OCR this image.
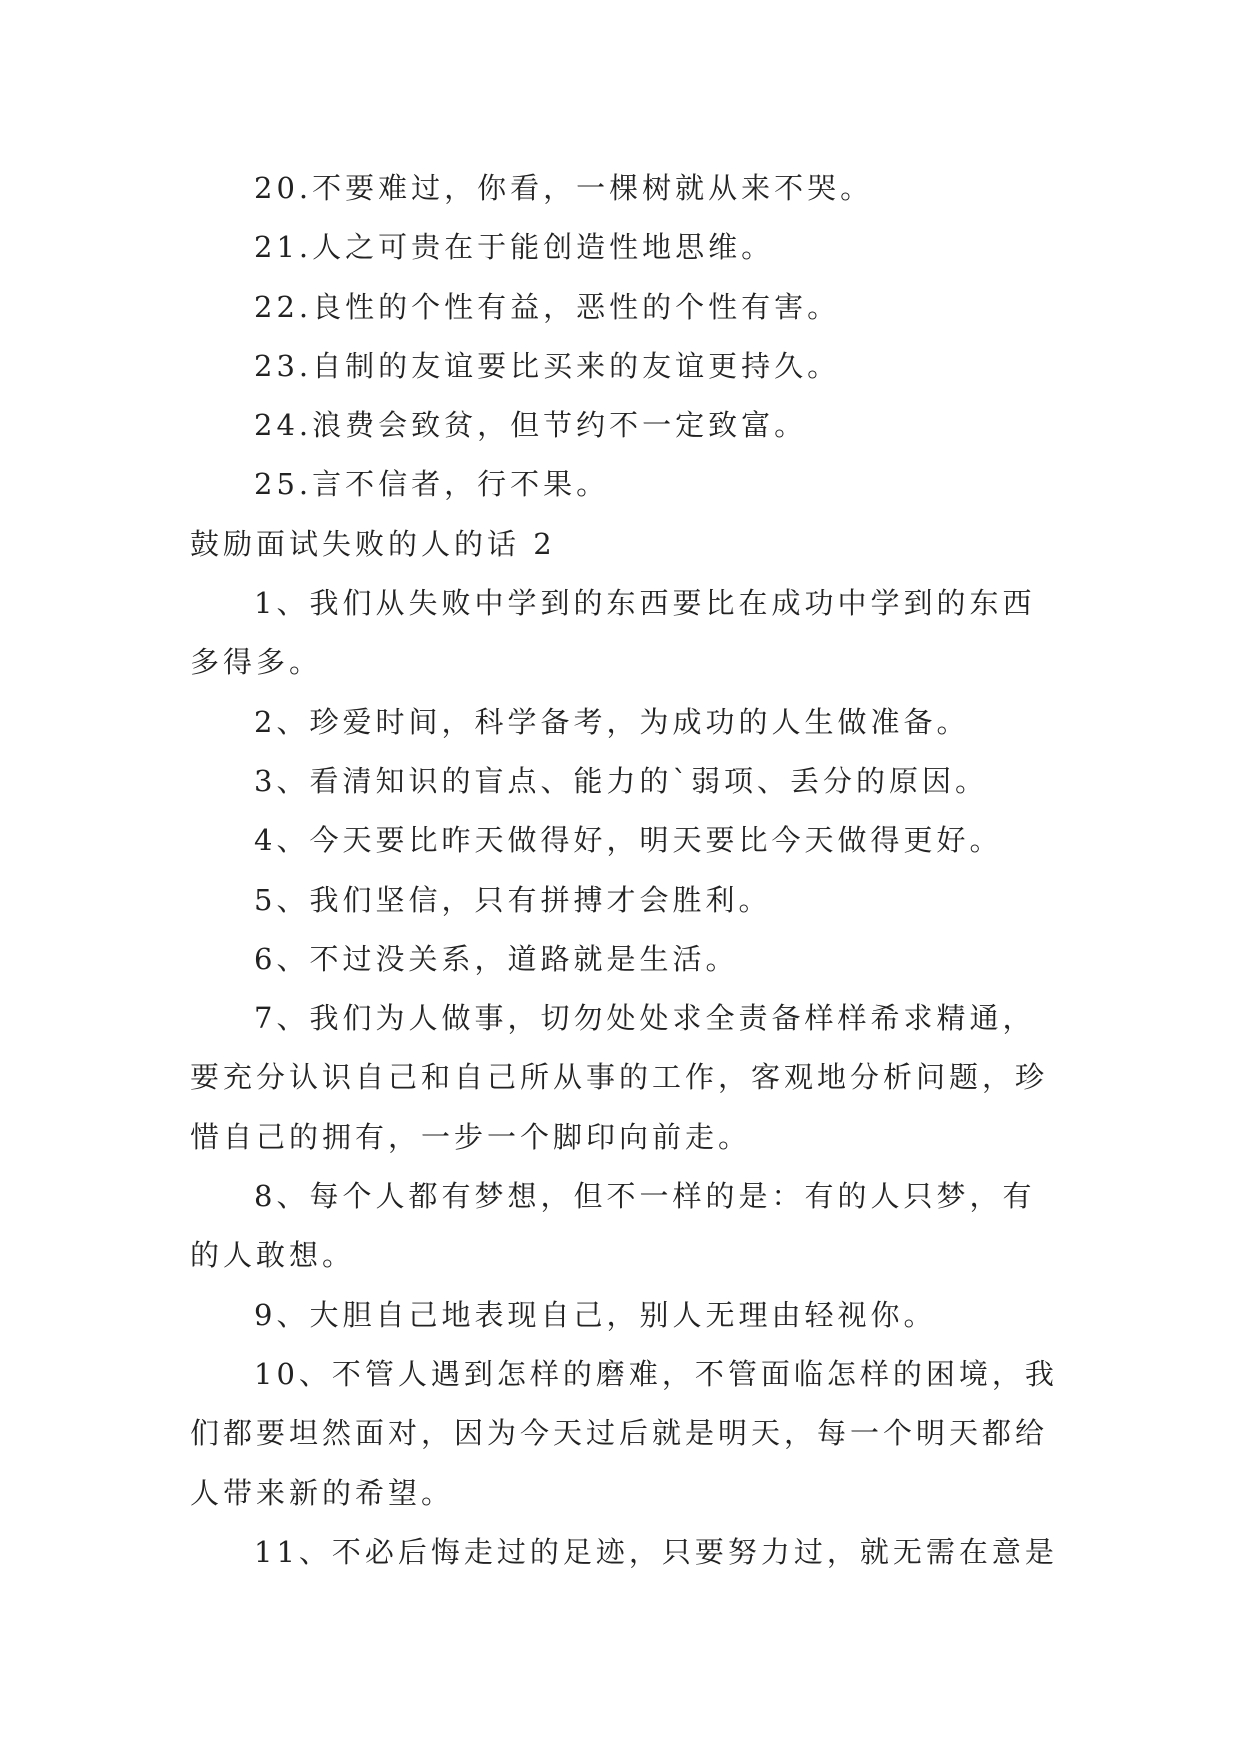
20.不要难过，你看，一棵树就从来不哭。
21.人之可贵在于能创造性地思维。
22.良性的个性有益，恶性的个性有害。
23.自制的友谊要比买来的友谊更持久。
24.浪费会致贫，但节约不一定致富。
25.言不信者，行不果。
鼓励面试失败的人的话 2
1、我们从失败中学到的东西要比在成功中学到的东西
多得多。
2、珍爱时间，科学备考，为成功的人生做准备。
3、看清知识的盲点、能力的`弱项、丢分的原因。
4、今天要比昨天做得好，明天要比今天做得更好。
5、我们坚信，只有拼搏才会胜利。
6、不过没关系，道路就是生活。
7、我们为人做事，切勿处处求全责备样样希求精通，
要充分认识自己和自己所从事的工作，客观地分析问题，珍
惜自己的拥有，一步一个脚印向前走。
8、每个人都有梦想，但不一样的是：有的人只梦，有
的人敢想。
9、大胆自己地表现自己，别人无理由轻视你。
10、不管人遇到怎样的磨难，不管面临怎样的困境，我
们都要坦然面对，因为今天过后就是明天，每一个明天都给
人带来新的希望。
11、不必后悔走过的足迹，只要努力过，就无需在意是
